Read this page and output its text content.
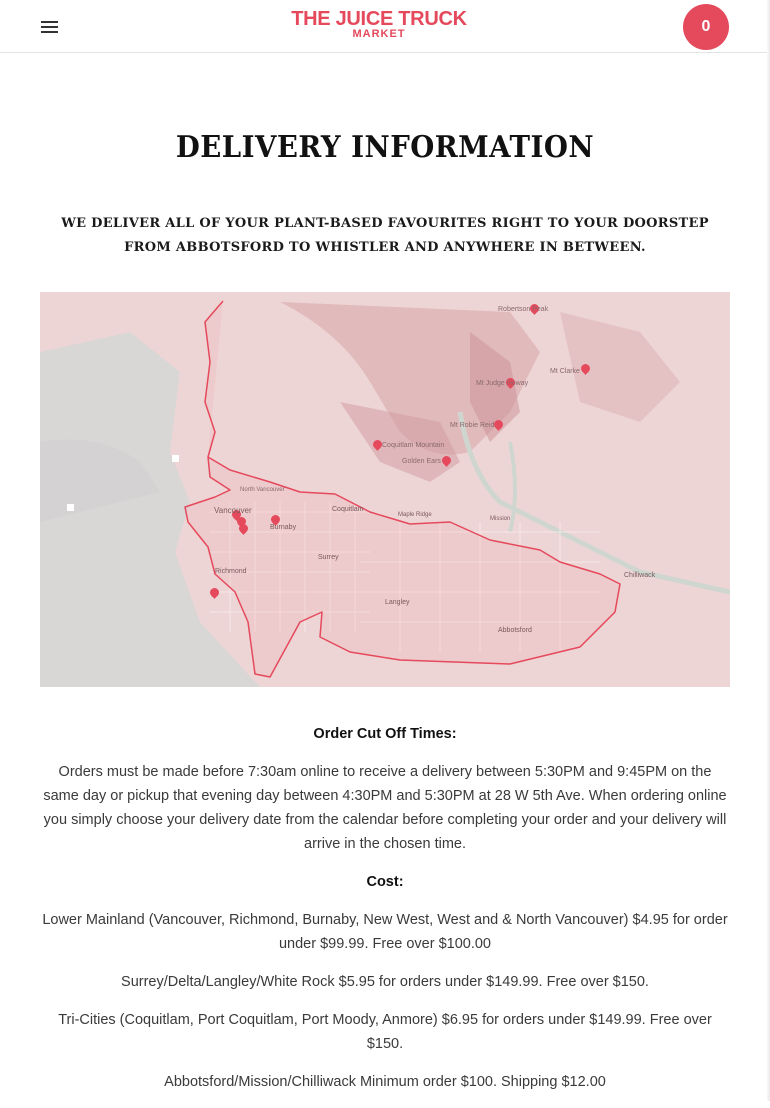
THE JUICE TRUCK
MARKET	0
DELIVERY INFORMATION

WE DELIVER ALL OF YOUR PLANT-BASED FAVOURITES RIGHT TO YOUR DOORSTEP FROM ABBOTSFORD TO WHISTLER AND ANYWHERE IN BETWEEN.

Robertson Peak
Mt Clarke
Mt Judge Howay
Mt Robie Reid
Coquitlam Mountain
Golden Ears
North Vancouver
Vancouver
Burnaby
Coquitlam
Richmond
Surrey
Maple Ridge
Mission
Langley
Abbotsford
Chilliwack

Order Cut Off Times:

Orders must be made before 7:30am online to receive a delivery between 5:30PM and 9:45PM on the same day or pickup that evening day between 4:30PM and 5:30PM at 28 W 5th Ave. When ordering online you simply choose your delivery date from the calendar before completing your order and your delivery will arrive in the chosen time.

Cost:

Lower Mainland (Vancouver, Richmond, Burnaby, New West, West and & North Vancouver) $4.95 for order under $99.99. Free over $100.00

Surrey/Delta/Langley/White Rock $5.95 for orders under $149.99. Free over $150.

Tri-Cities (Coquitlam, Port Coquitlam, Port Moody, Anmore) $6.95 for orders under $149.99. Free over $150.

Abbotsford/Mission/Chilliwack Minimum order $100. Shipping $12.00
